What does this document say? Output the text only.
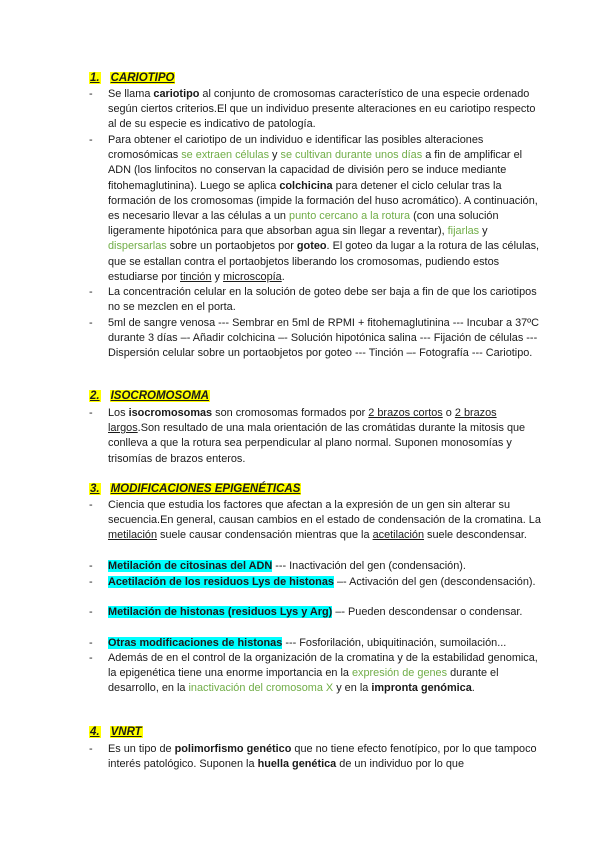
1. CARIOTIPO
- Se llama cariotipo al conjunto de cromosomas característico de una especie ordenado según ciertos criterios.El que un individuo presente alteraciones en eu cariotipo respecto al de su especie es indicativo de patología.
- Para obtener el cariotipo de un individuo e identificar las posibles alteraciones cromosómicas se extraen células y se cultivan durante unos días a fin de amplificar el ADN (los linfocitos no conservan la capacidad de división pero se induce mediante fitohemaglutinina). Luego se aplica colchicina para detener el ciclo celular tras la formación de los cromosomas (impide la formación del huso acromático). A continuación, es necesario llevar a las células a un punto cercano a la rotura (con una solución ligeramente hipotónica para que absorban agua sin llegar a reventar), fijarlas y dispersarlas sobre un portaobjetos por goteo. El goteo da lugar a la rotura de las células, que se estallan contra el portaobjetos liberando los cromosomas, pudiendo estos estudiarse por tinción y microscopía.
- La concentración celular en la solución de goteo debe ser baja a fin de que los cariotipos no se mezclen en el porta.
- 5ml de sangre venosa --- Sembrar en 5ml de RPMI + fitohemaglutinina --- Incubar a 37ºC durante 3 días –- Añadir colchicina –- Solución hipotónica salina --- Fijación de células --- Dispersión celular sobre un portaobjetos por goteo --- Tinción –- Fotografía --- Cariotipo.
2. ISOCROMOSOMA
- Los isocromosomas son cromosomas formados por 2 brazos cortos o 2 brazos largos.Son resultado de una mala orientación de las cromátidas durante la mitosis que conlleva a que la rotura sea perpendicular al plano normal. Suponen monosomías y trisomías de brazos enteros.
3. MODIFICACIONES EPIGENÉTICAS
- Ciencia que estudia los factores que afectan a la expresión de un gen sin alterar su secuencia.En general, causan cambios en el estado de condensación de la cromatina. La metilación suele causar condensación mientras que la acetilación suele descondensar.
- Metilación de citosinas del ADN --- Inactivación del gen (condensación).
- Acetilación de los residuos Lys de histonas –- Activación del gen (descondensación).
- Metilación de histonas (residuos Lys y Arg) –- Pueden descondensar o condensar.
- Otras modificaciones de histonas --- Fosforilación, ubiquitinación, sumoilación...
- Además de en el control de la organización de la cromatina y de la estabilidad genomica, la epigenética tiene una enorme importancia en la expresión de genes durante el desarrollo, en la inactivación del cromosoma X y en la impronta genómica.
4. VNRT
- Es un tipo de polimorfismo genético que no tiene efecto fenotípico, por lo que tampoco interés patológico. Suponen la huella genética de un individuo por lo que
